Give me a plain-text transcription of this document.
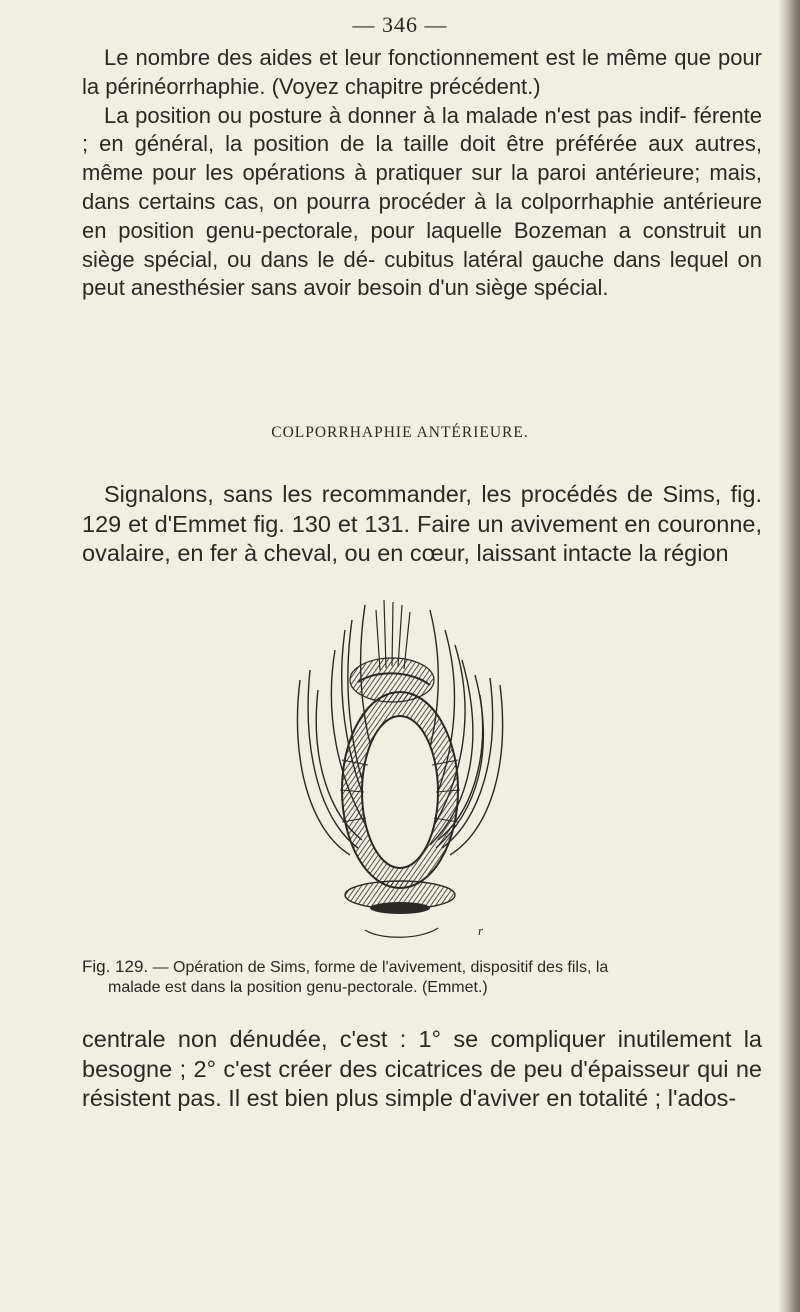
— 346 —

Le nombre des aides et leur fonctionnement est le même que pour la périnéorrhaphie. (Voyez chapitre précédent.)
La position ou posture à donner à la malade n'est pas indif- férente ; en général, la position de la taille doit être préférée aux autres, même pour les opérations à pratiquer sur la paroi antérieure; mais, dans certains cas, on pourra procéder à la colporrhaphie antérieure en position genu-pectorale, pour laquelle Bozeman a construit un siège spécial, ou dans le dé- cubitus latéral gauche dans lequel on peut anesthésier sans avoir besoin d'un siège spécial.

COLPORRHAPHIE ANTÉRIEURE.

Signalons, sans les recommander, les procédés de Sims, fig. 129 et d'Emmet fig. 130 et 131. Faire un avivement en couronne, ovalaire, en fer à cheval, ou en cœur, laissant intacte la région

r
Fig. 129. — Opération de Sims, forme de l'avivement, dispositif des fils, la
malade est dans la position genu-pectorale. (Emmet.)

centrale non dénudée, c'est : 1° se compliquer inutilement la besogne ; 2° c'est créer des cicatrices de peu d'épaisseur qui ne résistent pas. Il est bien plus simple d'aviver en totalité ; l'ados-
